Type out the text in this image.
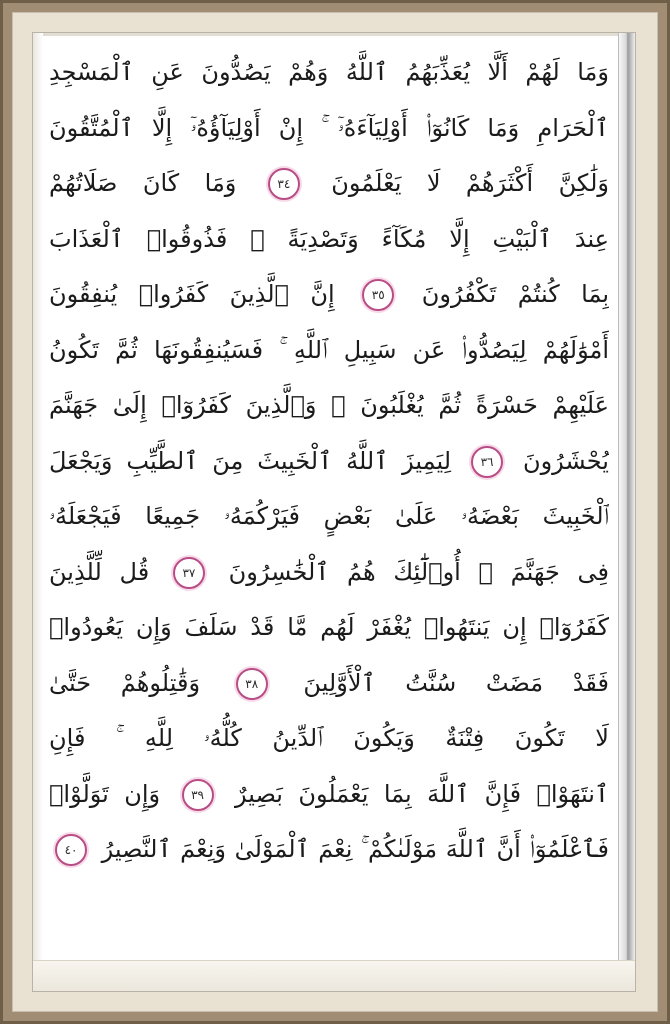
وَمَا لَهُمْ أَلَّا يُعَذِّبَهُمُ ٱللَّهُ وَهُمْ يَصُدُّونَ عَنِ ٱلْمَسْجِدِ
ٱلْحَرَامِ وَمَا كَانُوٓا۟ أَوْلِيَآءَهُۥٓ ۚ إِنْ أَوْلِيَآؤُهُۥٓ إِلَّا ٱلْمُتَّقُونَ
وَلَٰكِنَّ أَكْثَرَهُمْ لَا يَعْلَمُونَ ٣٤ وَمَا كَانَ صَلَاتُهُمْ
عِندَ ٱلْبَيْتِ إِلَّا مُكَآءً وَتَصْدِيَةً ۚ فَذُوقُوا۟ ٱلْعَذَابَ
بِمَا كُنتُمْ تَكْفُرُونَ ٣٥ إِنَّ ٱلَّذِينَ كَفَرُوا۟ يُنفِقُونَ
أَمْوَٰلَهُمْ لِيَصُدُّوا۟ عَن سَبِيلِ ٱللَّهِ ۚ فَسَيُنفِقُونَهَا ثُمَّ تَكُونُ
عَلَيْهِمْ حَسْرَةً ثُمَّ يُغْلَبُونَ ۗ وَٱلَّذِينَ كَفَرُوٓا۟ إِلَىٰ جَهَنَّمَ
يُحْشَرُونَ ٣٦ لِيَمِيزَ ٱللَّهُ ٱلْخَبِيثَ مِنَ ٱلطَّيِّبِ وَيَجْعَلَ
ٱلْخَبِيثَ بَعْضَهُۥ عَلَىٰ بَعْضٍ فَيَرْكُمَهُۥ جَمِيعًا فَيَجْعَلَهُۥ
فِى جَهَنَّمَ ۚ أُو۟لَٰٓئِكَ هُمُ ٱلْخَٰسِرُونَ ٣٧ قُل لِّلَّذِينَ
كَفَرُوٓا۟ إِن يَنتَهُوا۟ يُغْفَرْ لَهُم مَّا قَدْ سَلَفَ وَإِن يَعُودُوا۟
فَقَدْ مَضَتْ سُنَّتُ ٱلْأَوَّلِينَ ٣٨ وَقَٰتِلُوهُمْ حَتَّىٰ
لَا تَكُونَ فِتْنَةٌ وَيَكُونَ ٱلدِّينُ كُلُّهُۥ لِلَّهِ ۚ فَإِنِ
ٱنتَهَوْا۟ فَإِنَّ ٱللَّهَ بِمَا يَعْمَلُونَ بَصِيرٌ ٣٩ وَإِن تَوَلَّوْا۟
فَٱعْلَمُوٓا۟ أَنَّ ٱللَّهَ مَوْلَىٰكُمْ ۚ نِعْمَ ٱلْمَوْلَىٰ وَنِعْمَ ٱلنَّصِيرُ ٤٠
